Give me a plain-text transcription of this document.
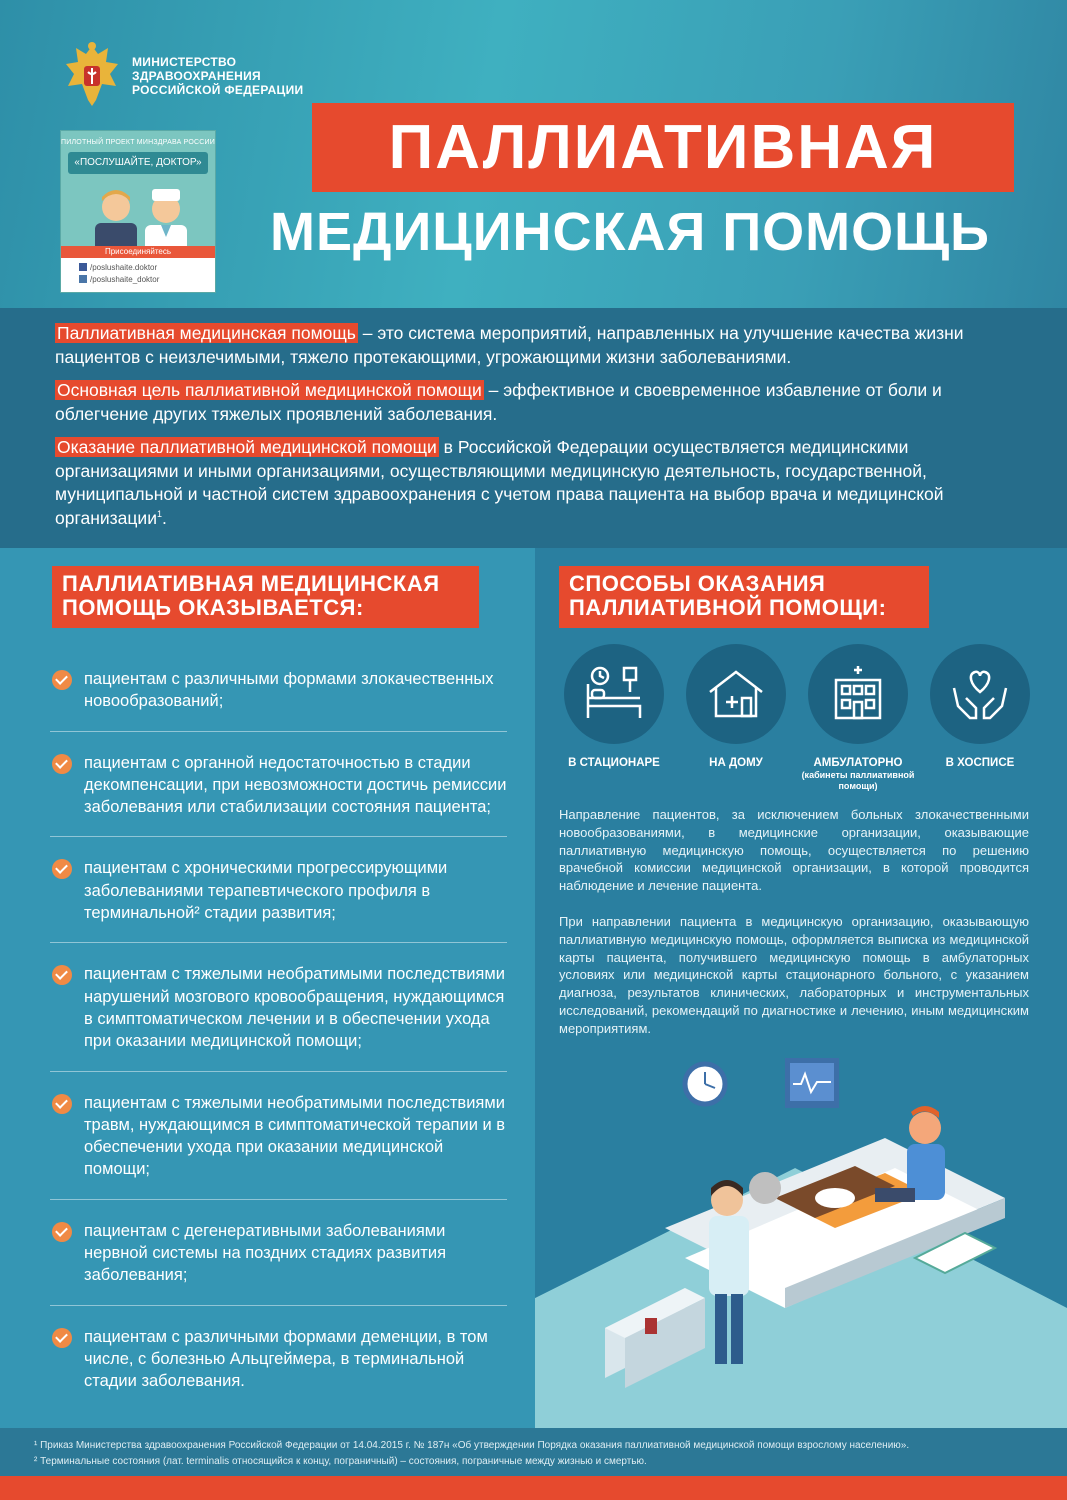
МИНИСТЕРСТВО
ЗДРАВООХРАНЕНИЯ
РОССИЙСКОЙ ФЕДЕРАЦИИ
ПИЛОТНЫЙ ПРОЕКТ МИНЗДРАВА РОССИИ
«ПОСЛУШАЙТЕ, ДОКТОР»
Присоединяйтесь
/poslushaite.doktor
/poslushaite_doktor
ПАЛЛИАТИВНАЯ
МЕДИЦИНСКАЯ ПОМОЩЬ

Паллиативная медицинская помощь – это система мероприятий, направленных на улучшение качества жизни пациентов с неизлечимыми, тяжело протекающими, угрожающими жизни заболеваниями.

Основная цель паллиативной медицинской помощи – эффективное и своевременное избавление от боли и облегчение других тяжелых проявлений заболевания.

Оказание паллиативной медицинской помощи в Российской Федерации осуществляется медицинскими организациями и иными организациями, осуществляющими медицинскую деятельность, государственной, муниципальной и частной систем здравоохранения с учетом права пациента на выбор врача и медицинской организации$^1$.

ПАЛЛИАТИВНАЯ МЕДИЦИНСКАЯ
ПОМОЩЬ ОКАЗЫВАЕТСЯ:
пациентам с различными формами злокачественных новообразований;
пациентам с органной недостаточностью в стадии декомпенсации, при невозможности достичь ремиссии заболевания или стабилизации состояния пациента;
пациентам с хроническими прогрессирующими заболеваниями терапевтического профиля в терминальной² стадии развития;
пациентам с тяжелыми необратимыми последствиями нарушений мозгового кровообращения, нуждающимся в симптоматическом лечении и в обеспечении ухода при оказании медицинской помощи;
пациентам с тяжелыми необратимыми последствиями травм, нуждающимся в симптоматической терапии и в обеспечении ухода при оказании медицинской помощи;
пациентам с дегенеративными заболеваниями нервной системы на поздних стадиях развития заболевания;
пациентам с различными формами деменции, в том числе, с болезнью Альцгеймера, в терминальной стадии заболевания.
СПОСОБЫ ОКАЗАНИЯ
ПАЛЛИАТИВНОЙ ПОМОЩИ:
В СТАЦИОНАРЕ	НА ДОМУ	АМБУЛАТОРНО
(кабинеты паллиативной помощи)
В ХОСПИСЕ

Направление пациентов, за исключением больных злокачественными новообразованиями, в медицинские организации, оказывающие паллиативную медицинскую помощь, осуществляется по решению врачебной комиссии медицинской организации, в которой проводится наблюдение и лечение пациента.

При направлении пациента в медицинскую организацию, оказывающую паллиативную медицинскую помощь, оформляется выписка из медицинской карты пациента, получившего медицинскую помощь в амбулаторных условиях или медицинской карты стационарного больного, с указанием диагноза, результатов клинических, лабораторных и инструментальных исследований, рекомендаций по диагностике и лечению, иным медицинским мероприятиям.

¹ Приказ Министерства здравоохранения Российской Федерации от 14.04.2015 г. № 187н «Об утверждении Порядка оказания паллиативной медицинской помощи взрослому населению».
² Терминальные состояния (лат. terminalis относящийся к концу, пограничный) – состояния, пограничные между жизнью и смертью.
